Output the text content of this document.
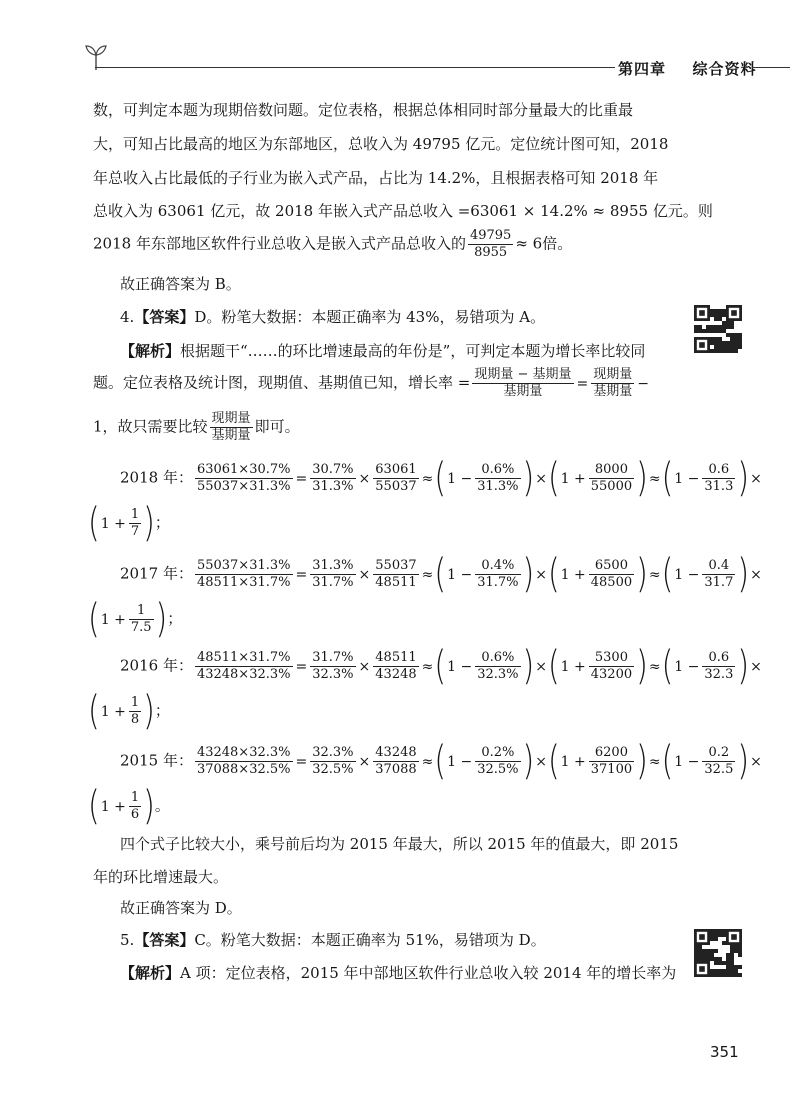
第四章 综合资料
数，可判定本题为现期倍数问题。定位表格，根据总体相同时部分量最大的比重最
大，可知占比最高的地区为东部地区，总收入为 49795 亿元。定位统计图可知，2018
年总收入占比最低的子行业为嵌入式产品，占比为 14.2%，且根据表格可知 2018 年
总收入为 63061 亿元，故 2018 年嵌入式产品总收入 =63061 × 14.2% ≈ 8955 亿元。则
2018 年东部地区软件行业总收入是嵌入式产品总收入的 $\frac{49795}{8955} \approx 6$倍。
故正确答案为 B。
4.【答案】D。粉笔大数据：本题正确率为 43%，易错项为 A。
【解析】根据题干“……的环比增速最高的年份是”，可判定本题为增长率比较同
题。定位表格及统计图，现期值、基期值已知，增长率 = $\frac{\text{现期量 − 基期量}}{\text{基期量}} = \frac{\text{现期量}}{\text{基期量}}$ −
1，故只需要比较 $\frac{\text{现期量}}{\text{基期量}}$ 即可。
2018 年： $\frac{63061\times 30.7\%}{55037\times 31.3\%} = \frac{30.7\%}{31.3\%} \times \frac{63061}{55037} \approx(1 - \frac{0.6\%}{31.3\%} )\times(1 + \frac{8000}{55000} )\approx(1 - \frac{0.6}{31.3}$ )×
($1 + \frac{1}{7}$ )；
2017 年： $\frac{55037\times 31.3\%}{48511\times 31.7\%} = \frac{31.3\%}{31.7\%} \times \frac{55037}{48511} \approx(1 - \frac{0.4\%}{31.7\%} )\times(1 + \frac{6500}{48500} )\approx(1 - \frac{0.4}{31.7}$ )×
($1 + \frac{1}{7.5}$ )；
2016 年： $\frac{48511\times 31.7\%}{43248\times 32.3\%} = \frac{31.7\%}{32.3\%} \times \frac{48511}{43248} \approx(1 - \frac{0.6\%}{32.3\%} )\times(1 + \frac{5300}{43200} )\approx(1 - \frac{0.6}{32.3}$ )×
($1 + \frac{1}{8}$ )；
2015 年： $\frac{43248\times 32.3\%}{37088\times 32.5\%} = \frac{32.3\%}{32.5\%} \times \frac{43248}{37088} \approx(1 - \frac{0.2\%}{32.5\%} )\times(1 + \frac{6200}{37100} )\approx(1 - \frac{0.2}{32.5}$ )×
($1 + \frac{1}{6}$ )。
四个式子比较大小，乘号前后均为 2015 年最大，所以 2015 年的值最大，即 2015
年的环比增速最大。
故正确答案为 D。
5.【答案】C。粉笔大数据：本题正确率为 51%，易错项为 D。
【解析】A 项：定位表格，2015 年中部地区软件行业总收入较 2014 年的增长率为
351
